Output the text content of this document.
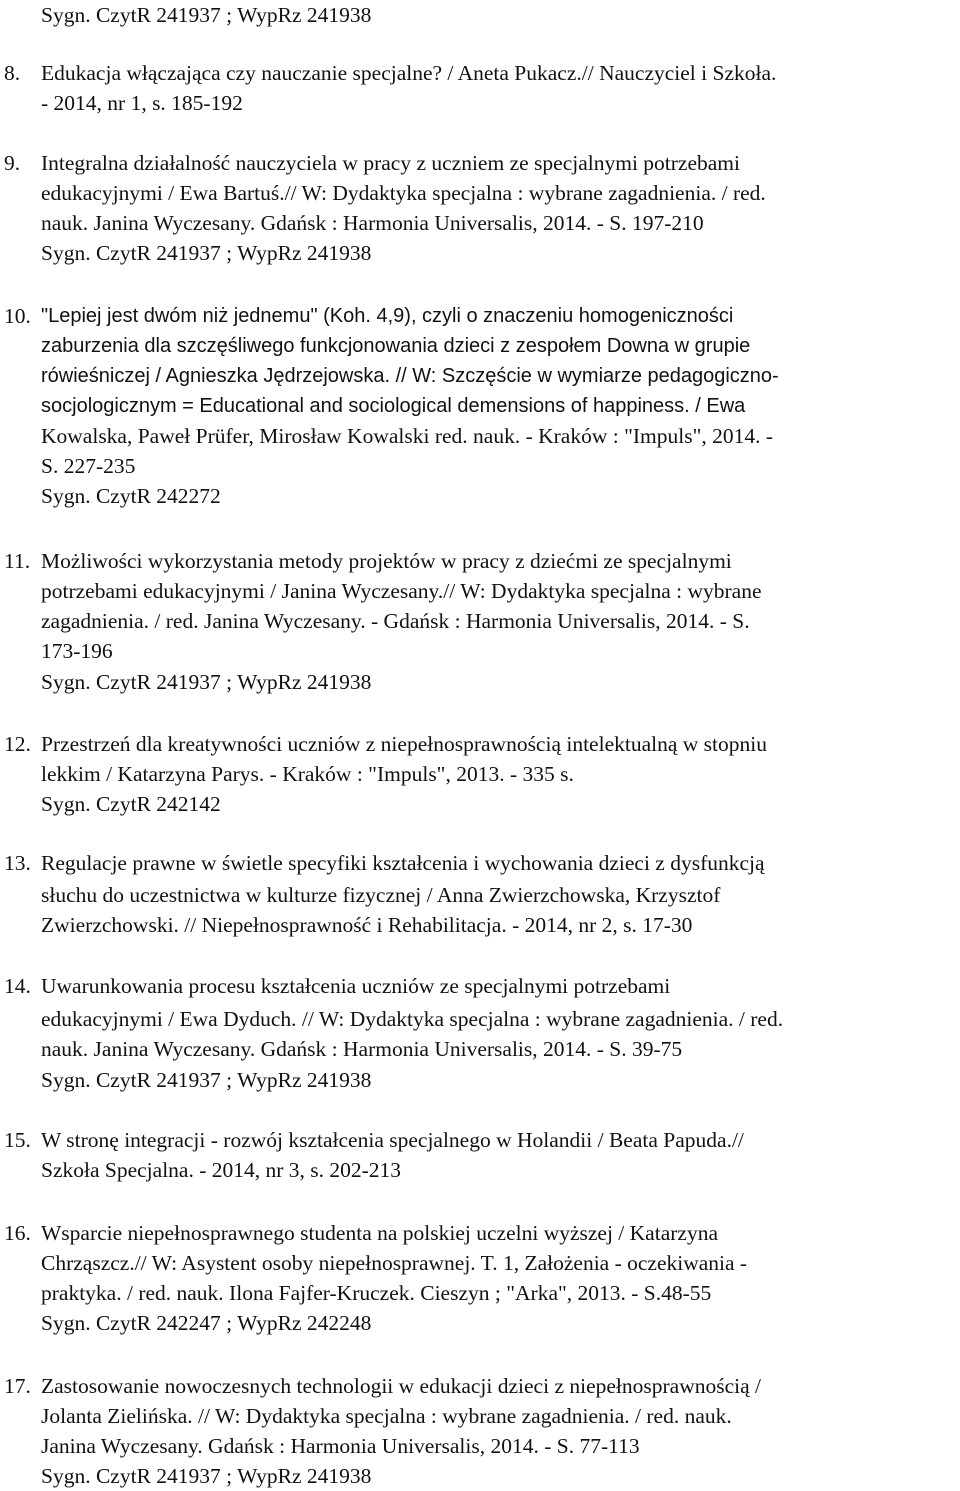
Sygn. CzytR 241937 ; WypRz 241938
8. Edukacja włączająca czy nauczanie specjalne? / Aneta Pukacz.// Nauczyciel i Szkoła.
- 2014, nr 1, s. 185-192
9. Integralna działalność nauczyciela w pracy z uczniem ze specjalnymi potrzebami
edukacyjnymi / Ewa Bartuś.// W: Dydaktyka specjalna : wybrane zagadnienia. / red.
nauk. Janina Wyczesany. Gdańsk : Harmonia Universalis, 2014. - S. 197-210
Sygn. CzytR 241937 ; WypRz 241938
10. "Lepiej jest dwóm niż jednemu" (Koh. 4,9), czyli o znaczeniu homogeniczności
zaburzenia dla szczęśliwego funkcjonowania dzieci z zespołem Downa w grupie
rówieśniczej / Agnieszka Jędrzejowska. // W: Szczęście w wymiarze pedagogiczno-
socjologicznym = Educational and sociological demensions of happiness. / Ewa
Kowalska, Paweł Prüfer, Mirosław Kowalski red. nauk. - Kraków : "Impuls", 2014. -
S. 227-235
Sygn. CzytR 242272
11. Możliwości wykorzystania metody projektów w pracy z dziećmi ze specjalnymi
potrzebami edukacyjnymi / Janina Wyczesany.// W: Dydaktyka specjalna : wybrane
zagadnienia. / red. Janina Wyczesany. - Gdańsk : Harmonia Universalis, 2014. - S.
173-196
Sygn. CzytR 241937 ; WypRz 241938
12. Przestrzeń dla kreatywności uczniów z niepełnosprawnością intelektualną w stopniu
lekkim / Katarzyna Parys. - Kraków : "Impuls", 2013. - 335 s.
Sygn. CzytR 242142
13. Regulacje prawne w świetle specyfiki kształcenia i wychowania dzieci z dysfunkcją
słuchu do uczestnictwa w kulturze fizycznej / Anna Zwierzchowska, Krzysztof
Zwierzchowski. // Niepełnosprawność i Rehabilitacja. - 2014, nr 2, s. 17-30
14. Uwarunkowania procesu kształcenia uczniów ze specjalnymi potrzebami
edukacyjnymi / Ewa Dyduch. // W: Dydaktyka specjalna : wybrane zagadnienia. / red.
nauk. Janina Wyczesany. Gdańsk : Harmonia Universalis, 2014. - S. 39-75
Sygn. CzytR 241937 ; WypRz 241938
15. W stronę integracji - rozwój kształcenia specjalnego w Holandii / Beata Papuda.//
Szkoła Specjalna. - 2014, nr 3, s. 202-213
16. Wsparcie niepełnosprawnego studenta na polskiej uczelni wyższej / Katarzyna
Chrząszcz.// W: Asystent osoby niepełnosprawnej. T. 1, Założenia - oczekiwania -
praktyka. / red. nauk. Ilona Fajfer-Kruczek. Cieszyn ; "Arka", 2013. - S.48-55
Sygn. CzytR 242247 ; WypRz 242248
17. Zastosowanie nowoczesnych technologii w edukacji dzieci z niepełnosprawnością /
Jolanta Zielińska. // W: Dydaktyka specjalna : wybrane zagadnienia. / red. nauk.
Janina Wyczesany. Gdańsk : Harmonia Universalis, 2014. - S. 77-113
Sygn. CzytR 241937 ; WypRz 241938
